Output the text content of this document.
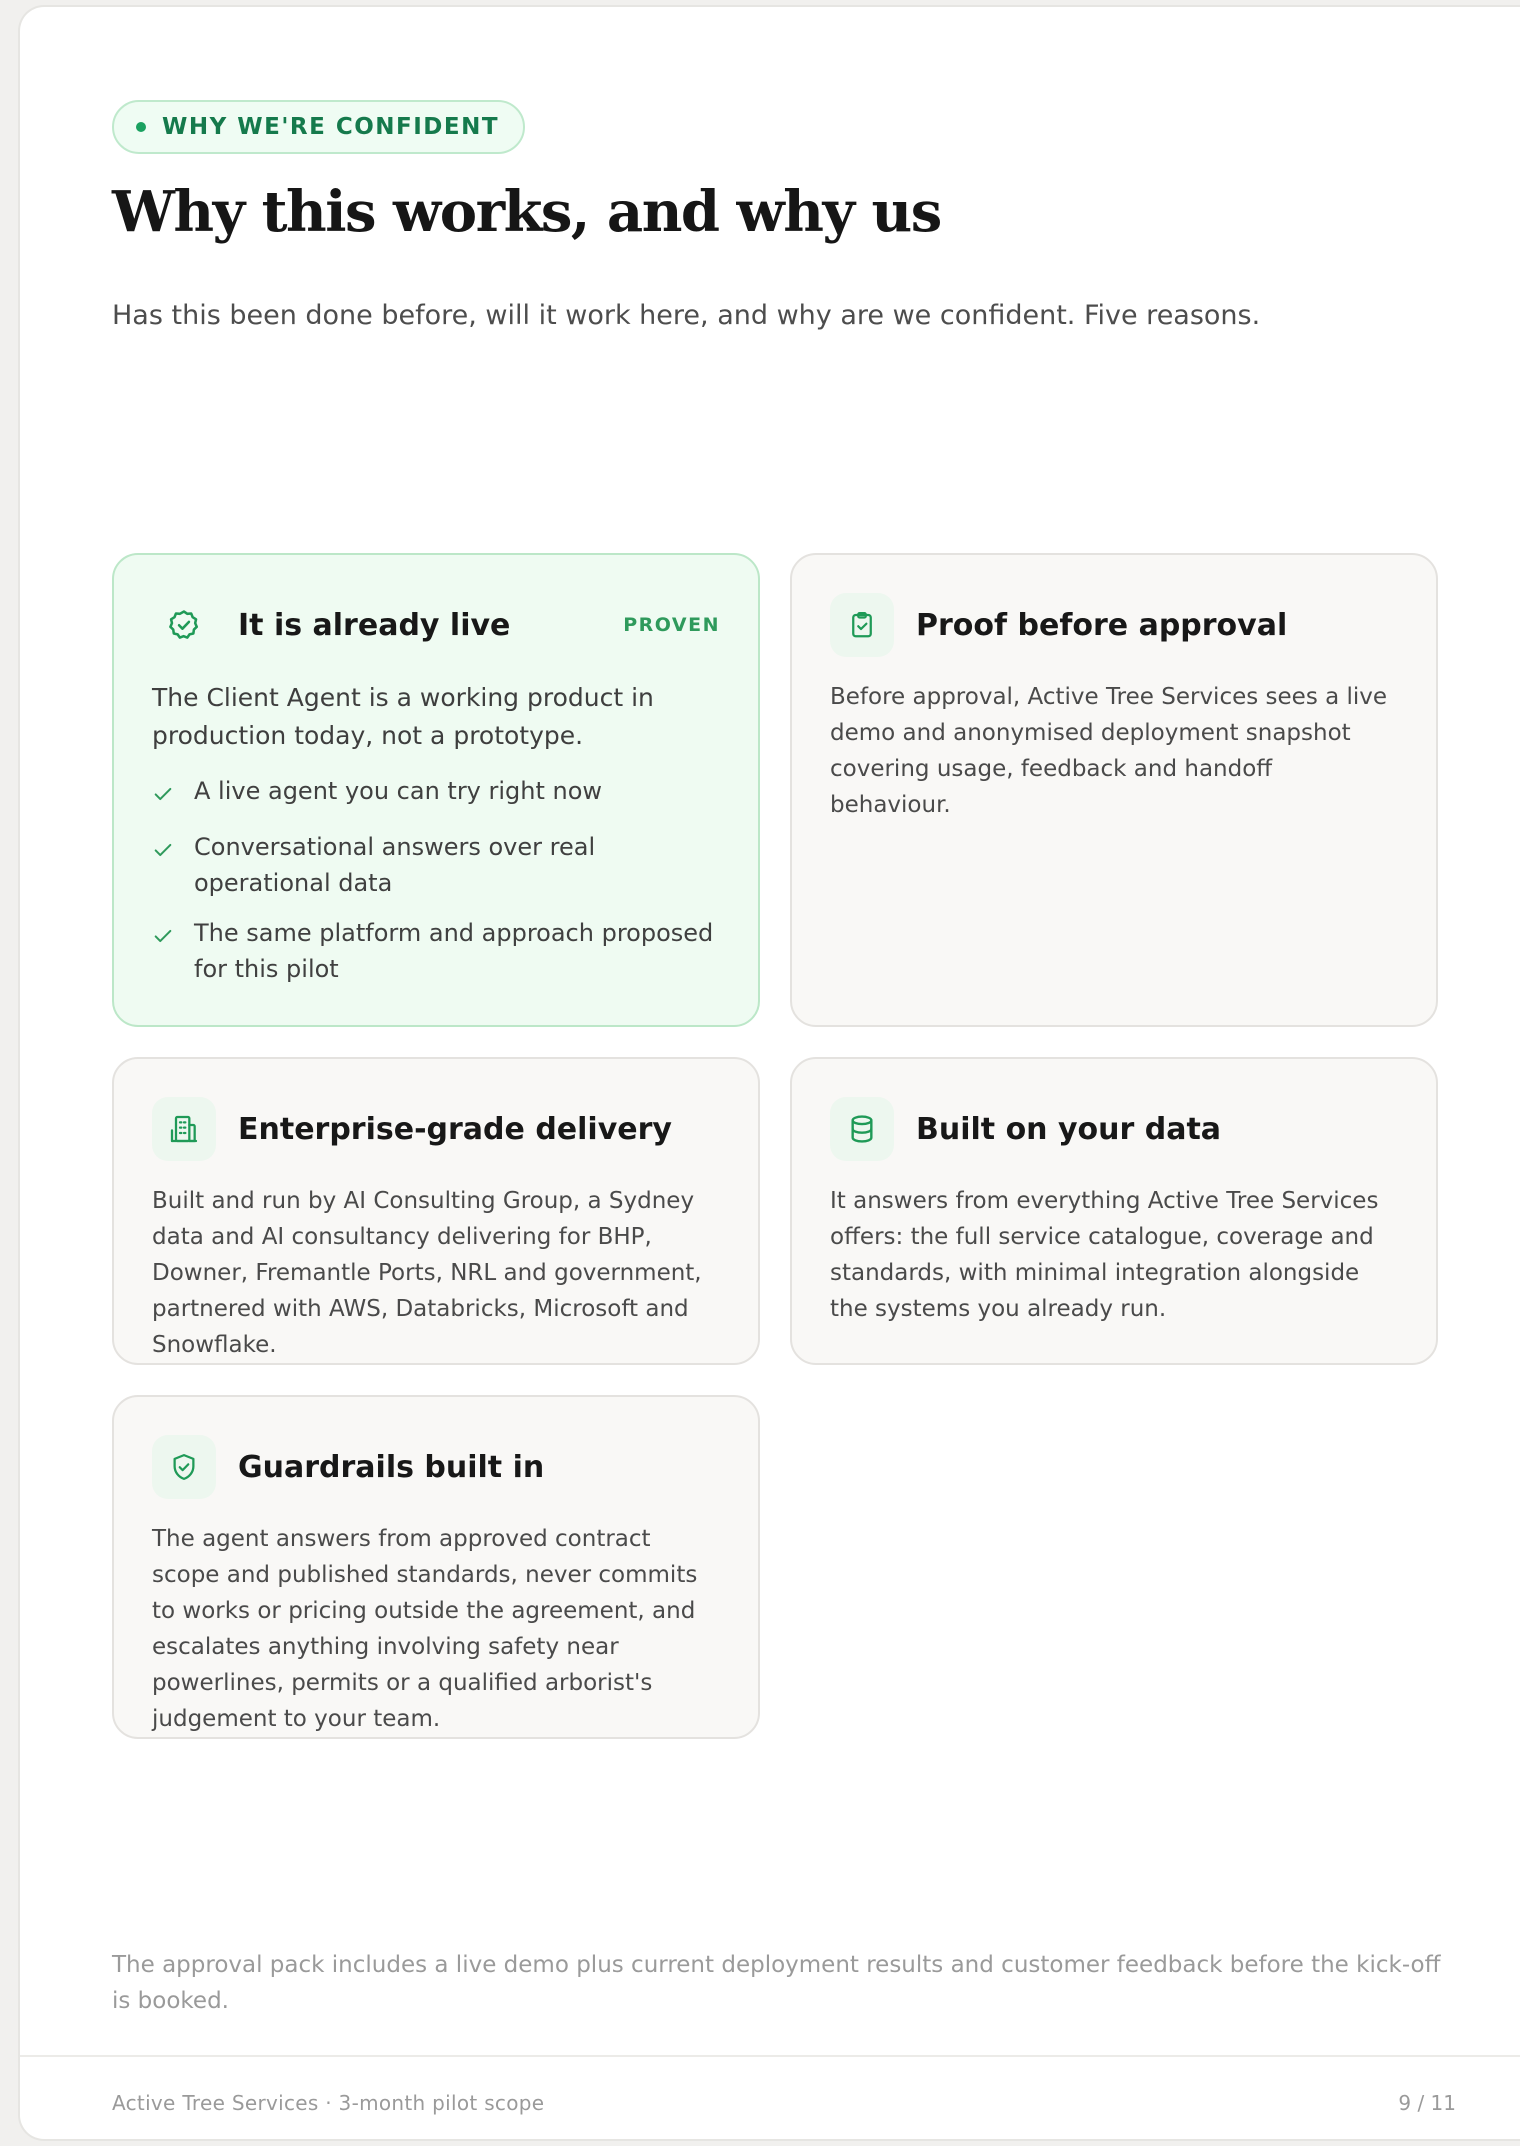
WHY WE'RE CONFIDENT
Why this works, and why us

Has this been done before, will it work here, and why are we confident. Five reasons.

It is already live	PROVEN

The Client Agent is a working product in production today, not a prototype.

A live agent you can try right now
Conversational answers over real operational data
The same platform and approach proposed for this pilot
Proof before approval

Before approval, Active Tree Services sees a live demo and anonymised deployment snapshot covering usage, feedback and handoff behaviour.

Enterprise-grade delivery

Built and run by AI Consulting Group, a Sydney data and AI consultancy delivering for BHP, Downer, Fremantle Ports, NRL and government, partnered with AWS, Databricks, Microsoft and Snowflake.

Built on your data

It answers from everything Active Tree Services offers: the full service catalogue, coverage and standards, with minimal integration alongside the systems you already run.

Guardrails built in

The agent answers from approved contract scope and published standards, never commits to works or pricing outside the agreement, and escalates anything involving safety near powerlines, permits or a qualified arborist's judgement to your team.

The approval pack includes a live demo plus current deployment results and customer feedback before the kick-off is booked.

Active Tree Services · 3-month pilot scope	9 / 11
